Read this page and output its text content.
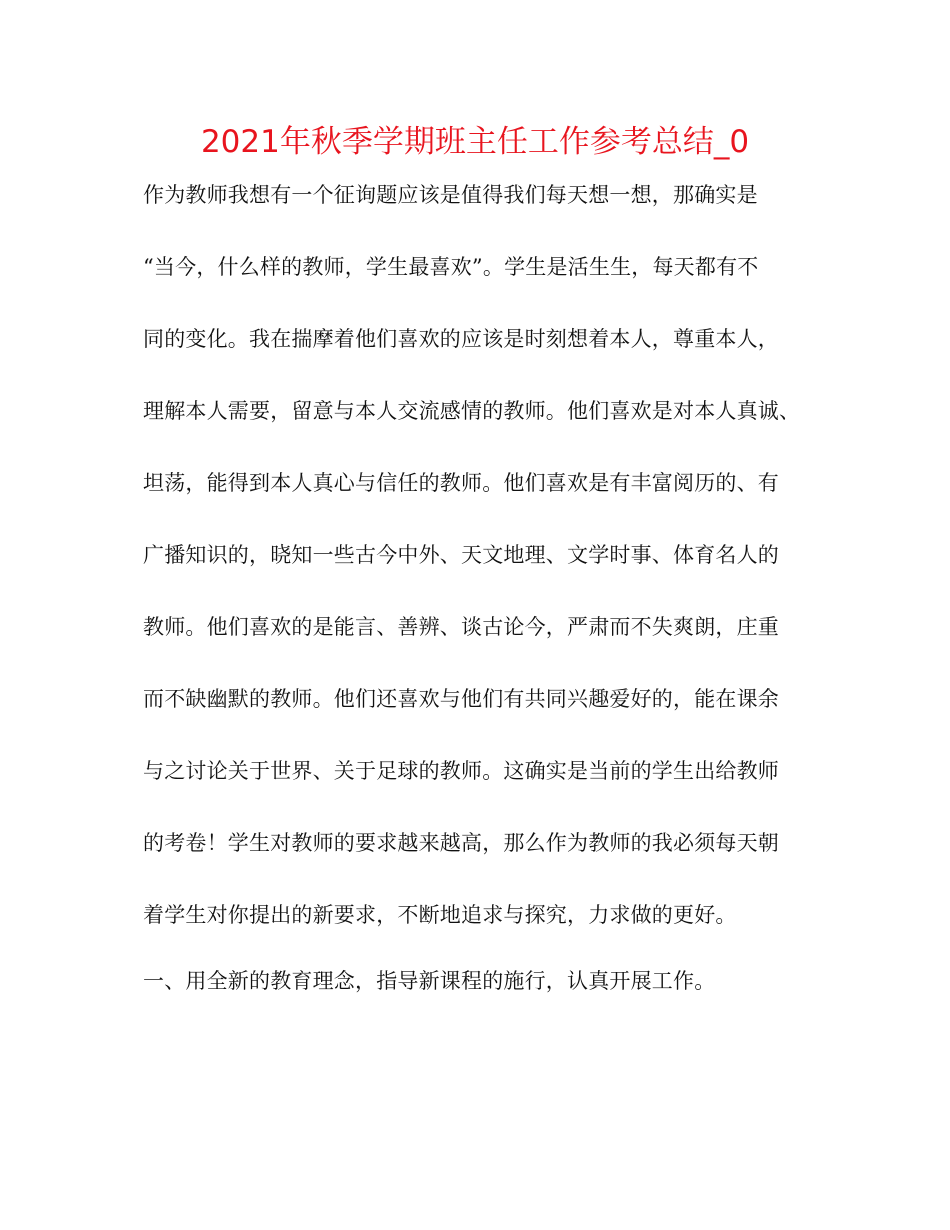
2021年秋季学期班主任工作参考总结_0
作为教师我想有一个征询题应该是值得我们每天想一想，那确实是
“当今，什么样的教师，学生最喜欢”。学生是活生生，每天都有不
同的变化。我在揣摩着他们喜欢的应该是时刻想着本人，尊重本人，
理解本人需要，留意与本人交流感情的教师。他们喜欢是对本人真诚、
坦荡，能得到本人真心与信任的教师。他们喜欢是有丰富阅历的、有
广播知识的，晓知一些古今中外、天文地理、文学时事、体育名人的
教师。他们喜欢的是能言、善辨、谈古论今，严肃而不失爽朗，庄重
而不缺幽默的教师。他们还喜欢与他们有共同兴趣爱好的，能在课余
与之讨论关于世界、关于足球的教师。这确实是当前的学生出给教师
的考卷！学生对教师的要求越来越高，那么作为教师的我必须每天朝
着学生对你提出的新要求，不断地追求与探究，力求做的更好。
一、用全新的教育理念，指导新课程的施行，认真开展工作。
